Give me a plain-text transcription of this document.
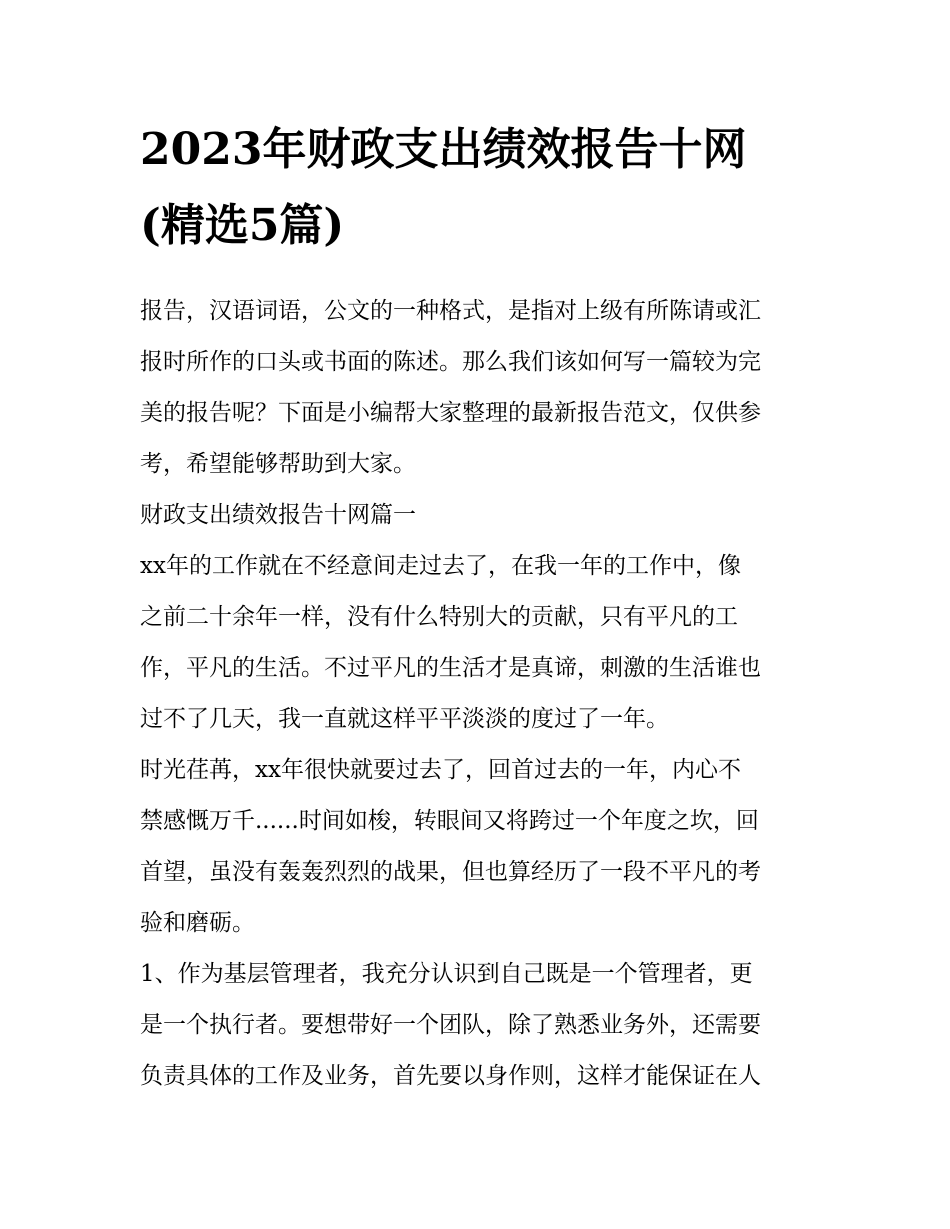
2023年财政支出绩效报告十网
(精选5篇)

报告，汉语词语，公文的一种格式，是指对上级有所陈请或汇

报时所作的口头或书面的陈述。那么我们该如何写一篇较为完

美的报告呢？下面是小编帮大家整理的最新报告范文，仅供参

考，希望能够帮助到大家。

财政支出绩效报告十网篇一

xx年的工作就在不经意间走过去了，在我一年的工作中，像

之前二十余年一样，没有什么特别大的贡献，只有平凡的工

作，平凡的生活。不过平凡的生活才是真谛，刺激的生活谁也

过不了几天，我一直就这样平平淡淡的度过了一年。

时光荏苒，xx年很快就要过去了，回首过去的一年，内心不

禁感慨万千......时间如梭，转眼间又将跨过一个年度之坎，回

首望，虽没有轰轰烈烈的战果，但也算经历了一段不平凡的考

验和磨砺。

1、作为基层管理者，我充分认识到自己既是一个管理者，更

是一个执行者。要想带好一个团队，除了熟悉业务外，还需要

负责具体的工作及业务，首先要以身作则，这样才能保证在人
